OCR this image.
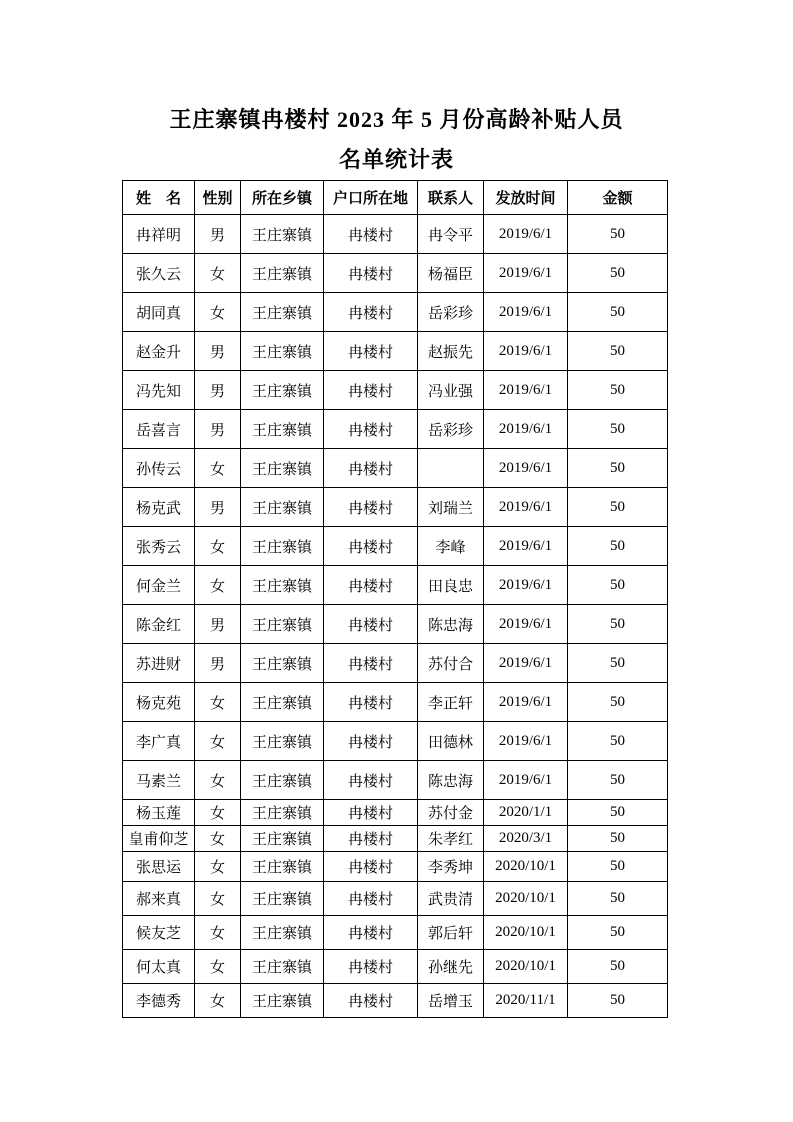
王庄寨镇冉楼村 2023 年 5 月份高龄补贴人员
名单统计表
姓　名	性别	所在乡镇	户口所在地	联系人	发放时间	金额
冉祥明	男	王庄寨镇	冉楼村	冉令平	2019/6/1	50
张久云	女	王庄寨镇	冉楼村	杨福臣	2019/6/1	50
胡同真	女	王庄寨镇	冉楼村	岳彩珍	2019/6/1	50
赵金升	男	王庄寨镇	冉楼村	赵振先	2019/6/1	50
冯先知	男	王庄寨镇	冉楼村	冯业强	2019/6/1	50
岳喜言	男	王庄寨镇	冉楼村	岳彩珍	2019/6/1	50
孙传云	女	王庄寨镇	冉楼村		2019/6/1	50
杨克武	男	王庄寨镇	冉楼村	刘瑞兰	2019/6/1	50
张秀云	女	王庄寨镇	冉楼村	李峰	2019/6/1	50
何金兰	女	王庄寨镇	冉楼村	田良忠	2019/6/1	50
陈金红	男	王庄寨镇	冉楼村	陈忠海	2019/6/1	50
苏进财	男	王庄寨镇	冉楼村	苏付合	2019/6/1	50
杨克苑	女	王庄寨镇	冉楼村	李正轩	2019/6/1	50
李广真	女	王庄寨镇	冉楼村	田德林	2019/6/1	50
马素兰	女	王庄寨镇	冉楼村	陈忠海	2019/6/1	50
杨玉莲	女	王庄寨镇	冉楼村	苏付金	2020/1/1	50
皇甫仰芝	女	王庄寨镇	冉楼村	朱孝红	2020/3/1	50
张思运	女	王庄寨镇	冉楼村	李秀坤	2020/10/1	50
郝来真	女	王庄寨镇	冉楼村	武贵清	2020/10/1	50
候友芝	女	王庄寨镇	冉楼村	郭后轩	2020/10/1	50
何太真	女	王庄寨镇	冉楼村	孙继先	2020/10/1	50
李德秀	女	王庄寨镇	冉楼村	岳增玉	2020/11/1	50
